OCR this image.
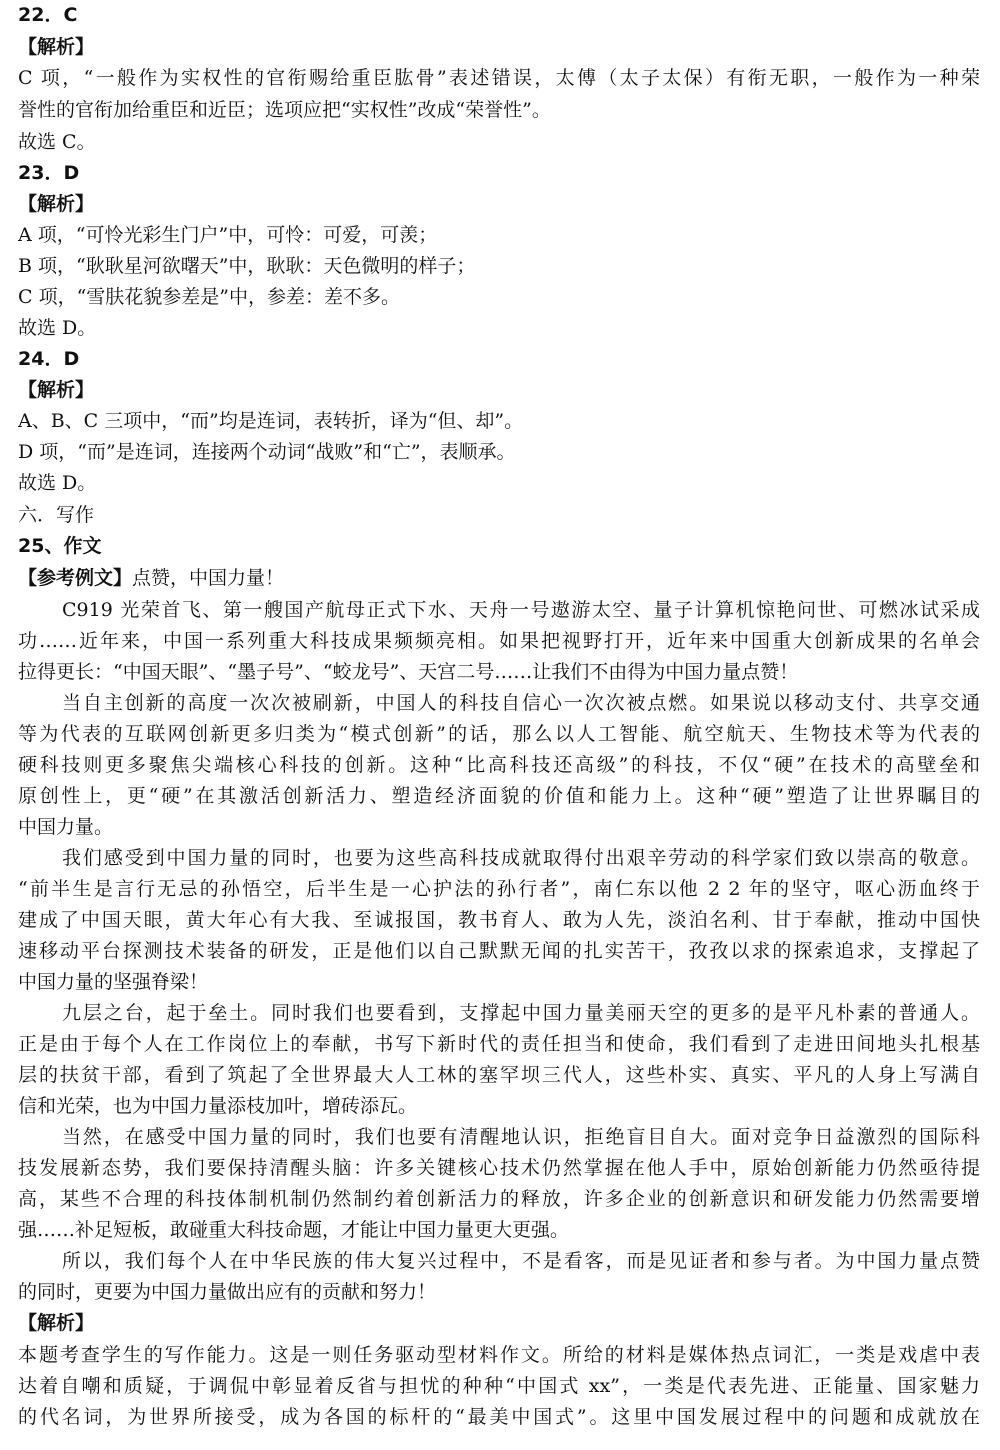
22．C
【解析】
C 项，“一般作为实权性的官衔赐给重臣肱骨”表述错误，太傅（太子太保）有衔无职，一般作为一种荣
誉性的官衔加给重臣和近臣；选项应把“实权性”改成“荣誉性”。
故选 C。
23．D
【解析】
A 项，“可怜光彩生门户”中，可怜：可爱，可羡；
B 项，“耿耿星河欲曙天”中，耿耿：天色微明的样子；
C 项，“雪肤花貌参差是”中，参差：差不多。
故选 D。
24．D
【解析】
A、B、C 三项中，“而”均是连词，表转折，译为“但、却”。
D 项，“而”是连词，连接两个动词“战败”和“亡”，表顺承。
故选 D。
六．写作
25、作文
【参考例文】点赞，中国力量！
C919 光荣首飞、第一艘国产航母正式下水、天舟一号遨游太空、量子计算机惊艳问世、可燃冰试采成
功……近年来，中国一系列重大科技成果频频亮相。如果把视野打开，近年来中国重大创新成果的名单会
拉得更长：“中国天眼”、“墨子号”、“蛟龙号”、天宫二号……让我们不由得为中国力量点赞！
当自主创新的高度一次次被刷新，中国人的科技自信心一次次被点燃。如果说以移动支付、共享交通
等为代表的互联网创新更多归类为“模式创新”的话，那么以人工智能、航空航天、生物技术等为代表的
硬科技则更多聚焦尖端核心科技的创新。这种“比高科技还高级”的科技，不仅“硬”在技术的高壁垒和
原创性上，更“硬”在其激活创新活力、塑造经济面貌的价值和能力上。这种“硬”塑造了让世界瞩目的
中国力量。
我们感受到中国力量的同时，也要为这些高科技成就取得付出艰辛劳动的科学家们致以崇高的敬意。
“前半生是言行无忌的孙悟空，后半生是一心护法的孙行者”，南仁东以他 2 2 年的坚守，呕心沥血终于
建成了中国天眼，黄大年心有大我、至诚报国，教书育人、敢为人先，淡泊名利、甘于奉献，推动中国快
速移动平台探测技术装备的研发，正是他们以自己默默无闻的扎实苦干，孜孜以求的探索追求，支撑起了
中国力量的坚强脊梁！
九层之台，起于垒土。同时我们也要看到，支撑起中国力量美丽天空的更多的是平凡朴素的普通人。
正是由于每个人在工作岗位上的奉献，书写下新时代的责任担当和使命，我们看到了走进田间地头扎根基
层的扶贫干部，看到了筑起了全世界最大人工林的塞罕坝三代人，这些朴实、真实、平凡的人身上写满自
信和光荣，也为中国力量添枝加叶，增砖添瓦。
当然，在感受中国力量的同时，我们也要有清醒地认识，拒绝盲目自大。面对竞争日益激烈的国际科
技发展新态势，我们要保持清醒头脑：许多关键核心技术仍然掌握在他人手中，原始创新能力仍然亟待提
高，某些不合理的科技体制机制仍然制约着创新活力的释放，许多企业的创新意识和研发能力仍然需要增
强……补足短板，敢碰重大科技命题，才能让中国力量更大更强。
所以，我们每个人在中华民族的伟大复兴过程中，不是看客，而是见证者和参与者。为中国力量点赞
的同时，更要为中国力量做出应有的贡献和努力！
【解析】
本题考查学生的写作能力。这是一则任务驱动型材料作文。所给的材料是媒体热点词汇，一类是戏虐中表
达着自嘲和质疑，于调侃中彰显着反省与担忧的种种“中国式 xx”，一类是代表先进、正能量、国家魅力
的代名词，为世界所接受，成为各国的标杆的“最美中国式”。这里中国发展过程中的问题和成就放在
